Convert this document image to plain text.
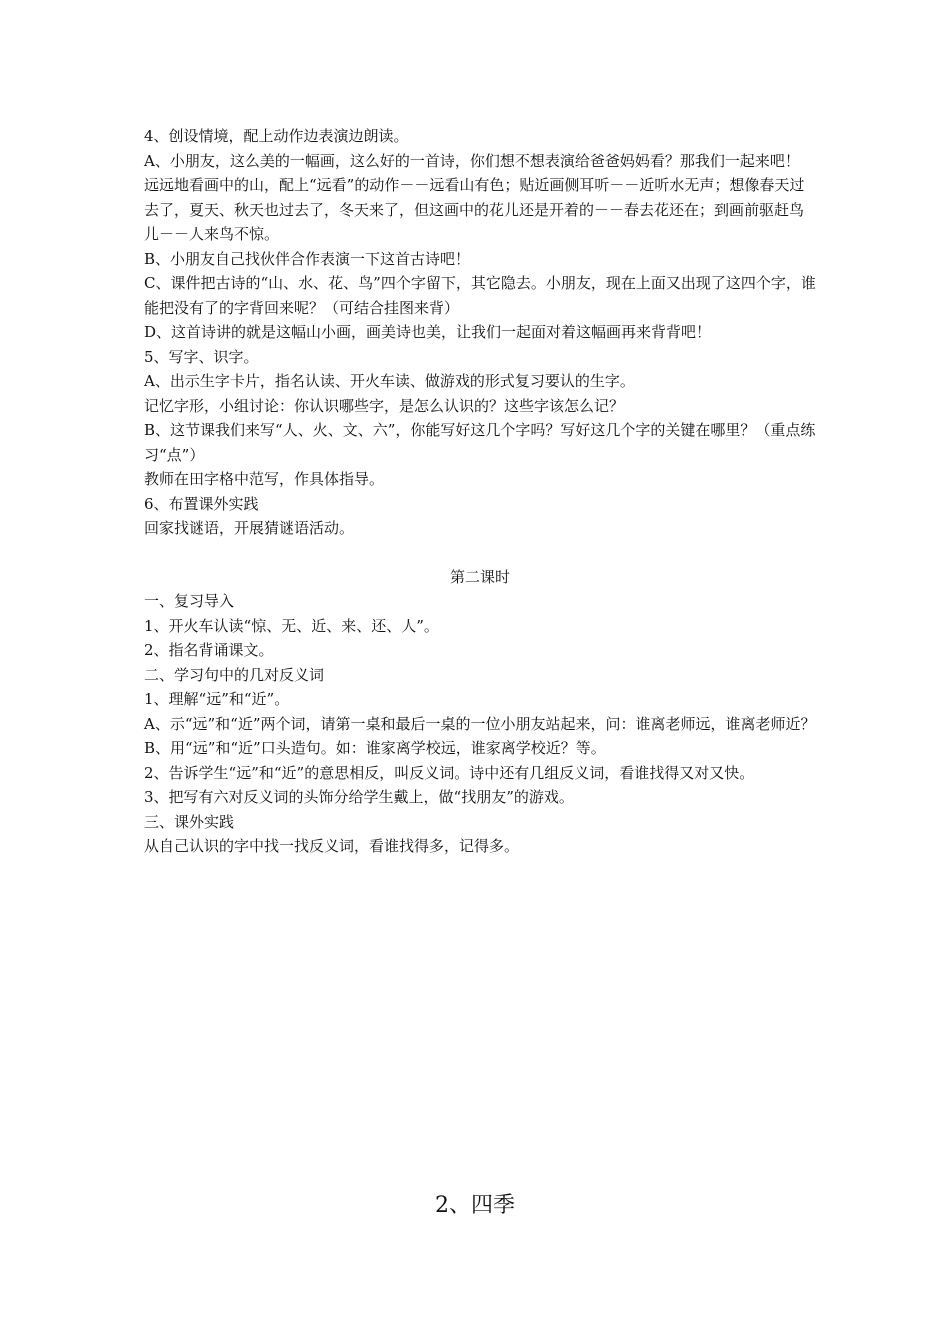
4、创设情境，配上动作边表演边朗读。

A、小朋友，这么美的一幅画，这么好的一首诗，你们想不想表演给爸爸妈妈看？那我们一起来吧！

远远地看画中的山，配上“远看”的动作－－远看山有色；贴近画侧耳听－－近听水无声；想像春天过去了，夏天、秋天也过去了，冬天来了，但这画中的花儿还是开着的－－春去花还在；到画前驱赶鸟儿－－人来鸟不惊。

B、小朋友自己找伙伴合作表演一下这首古诗吧！

C、课件把古诗的“山、水、花、鸟”四个字留下，其它隐去。小朋友，现在上面又出现了这四个字，谁能把没有了的字背回来呢？（可结合挂图来背）

D、这首诗讲的就是这幅山小画，画美诗也美，让我们一起面对着这幅画再来背背吧！

5、写字、识字。

A、出示生字卡片，指名认读、开火车读、做游戏的形式复习要认的生字。

记忆字形，小组讨论：你认识哪些字，是怎么认识的？这些字该怎么记？

B、这节课我们来写“人、火、文、六”，你能写好这几个字吗？写好这几个字的关键在哪里？（重点练习“点”）

教师在田字格中范写，作具体指导。

6、布置课外实践

回家找谜语，开展猜谜语活动。

第二课时

一、复习导入

1、开火车认读“惊、无、近、来、还、人”。

2、指名背诵课文。

二、学习句中的几对反义词

1、理解“远”和“近”。

A、示“远”和“近”两个词，请第一桌和最后一桌的一位小朋友站起来，问：谁离老师远，谁离老师近？

B、用“远”和“近”口头造句。如：谁家离学校远，谁家离学校近？等。

2、告诉学生“远”和“近”的意思相反，叫反义词。诗中还有几组反义词，看谁找得又对又快。

3、把写有六对反义词的头饰分给学生戴上，做“找朋友”的游戏。

三、课外实践

从自己认识的字中找一找反义词，看谁找得多，记得多。

2、四季
